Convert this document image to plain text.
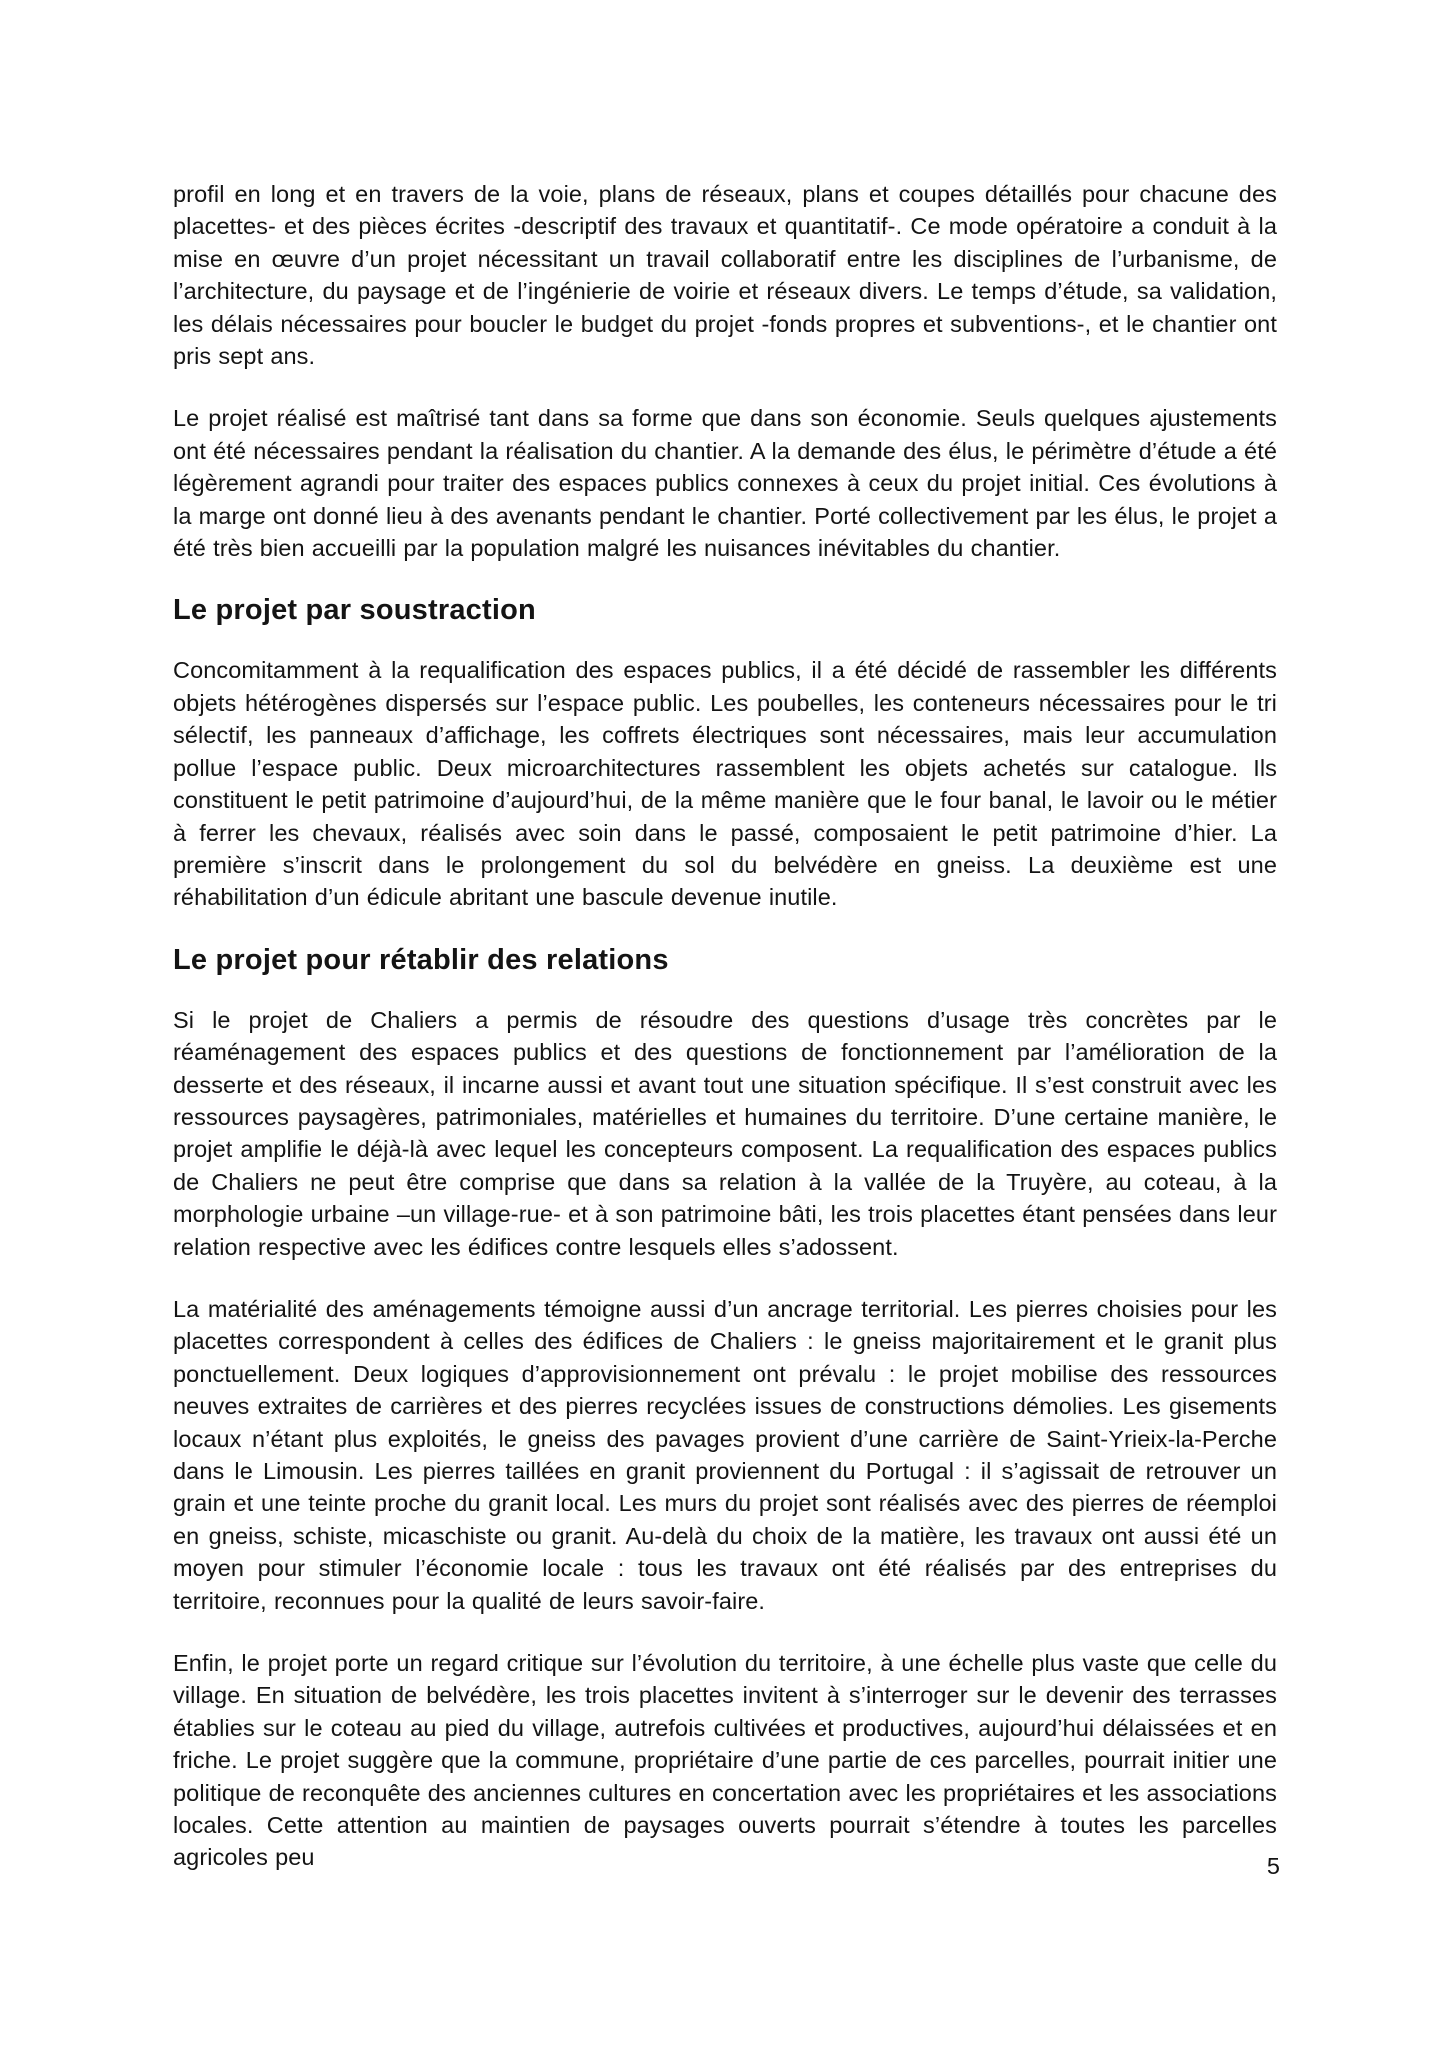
profil en long et en travers de la voie, plans de réseaux, plans et coupes détaillés pour chacune des placettes- et des pièces écrites -descriptif des travaux et quantitatif-. Ce mode opératoire a conduit à la mise en œuvre d’un projet nécessitant un travail collaboratif entre les disciplines de l’urbanisme, de l’architecture, du paysage et de l’ingénierie de voirie et réseaux divers. Le temps d’étude, sa validation, les délais nécessaires pour boucler le budget du projet -fonds propres et subventions-, et le chantier ont pris sept ans.

Le projet réalisé est maîtrisé tant dans sa forme que dans son économie. Seuls quelques ajustements ont été nécessaires pendant la réalisation du chantier. A la demande des élus, le périmètre d’étude a été légèrement agrandi pour traiter des espaces publics connexes à ceux du projet initial. Ces évolutions à la marge ont donné lieu à des avenants pendant le chantier. Porté collectivement par les élus, le projet a été très bien accueilli par la population malgré les nuisances inévitables du chantier.

Le projet par soustraction

Concomitamment à la requalification des espaces publics, il a été décidé de rassembler les différents objets hétérogènes dispersés sur l’espace public. Les poubelles, les conteneurs nécessaires pour le tri sélectif, les panneaux d’affichage, les coffrets électriques sont nécessaires, mais leur accumulation pollue l’espace public. Deux microarchitectures rassemblent les objets achetés sur catalogue. Ils constituent le petit patrimoine d’aujourd’hui, de la même manière que le four banal, le lavoir ou le métier à ferrer les chevaux, réalisés avec soin dans le passé, composaient le petit patrimoine d’hier. La première s’inscrit dans le prolongement du sol du belvédère en gneiss. La deuxième est une réhabilitation d’un édicule abritant une bascule devenue inutile.

Le projet pour rétablir des relations

Si le projet de Chaliers a permis de résoudre des questions d’usage très concrètes par le réaménagement des espaces publics et des questions de fonctionnement par l’amélioration de la desserte et des réseaux, il incarne aussi et avant tout une situation spécifique. Il s’est construit avec les ressources paysagères, patrimoniales, matérielles et humaines du territoire. D’une certaine manière, le projet amplifie le déjà-là avec lequel les concepteurs composent. La requalification des espaces publics de Chaliers ne peut être comprise que dans sa relation à la vallée de la Truyère, au coteau, à la morphologie urbaine –un village-rue- et à son patrimoine bâti, les trois placettes étant pensées dans leur relation respective avec les édifices contre lesquels elles s’adossent.

La matérialité des aménagements témoigne aussi d’un ancrage territorial. Les pierres choisies pour les placettes correspondent à celles des édifices de Chaliers : le gneiss majoritairement et le granit plus ponctuellement. Deux logiques d’approvisionnement ont prévalu : le projet mobilise des ressources neuves extraites de carrières et des pierres recyclées issues de constructions démolies. Les gisements locaux n’étant plus exploités, le gneiss des pavages provient d’une carrière de Saint-Yrieix-la-Perche dans le Limousin. Les pierres taillées en granit proviennent du Portugal : il s’agissait de retrouver un grain et une teinte proche du granit local. Les murs du projet sont réalisés avec des pierres de réemploi en gneiss, schiste, micaschiste ou granit. Au-delà du choix de la matière, les travaux ont aussi été un moyen pour stimuler l’économie locale : tous les travaux ont été réalisés par des entreprises du territoire, reconnues pour la qualité de leurs savoir-faire.

Enfin, le projet porte un regard critique sur l’évolution du territoire, à une échelle plus vaste que celle du village. En situation de belvédère, les trois placettes invitent à s’interroger sur le devenir des terrasses établies sur le coteau au pied du village, autrefois cultivées et productives, aujourd’hui délaissées et en friche. Le projet suggère que la commune, propriétaire d’une partie de ces parcelles, pourrait initier une politique de reconquête des anciennes cultures en concertation avec les propriétaires et les associations locales. Cette attention au maintien de paysages ouverts pourrait s’étendre à toutes les parcelles agricoles peu	5
